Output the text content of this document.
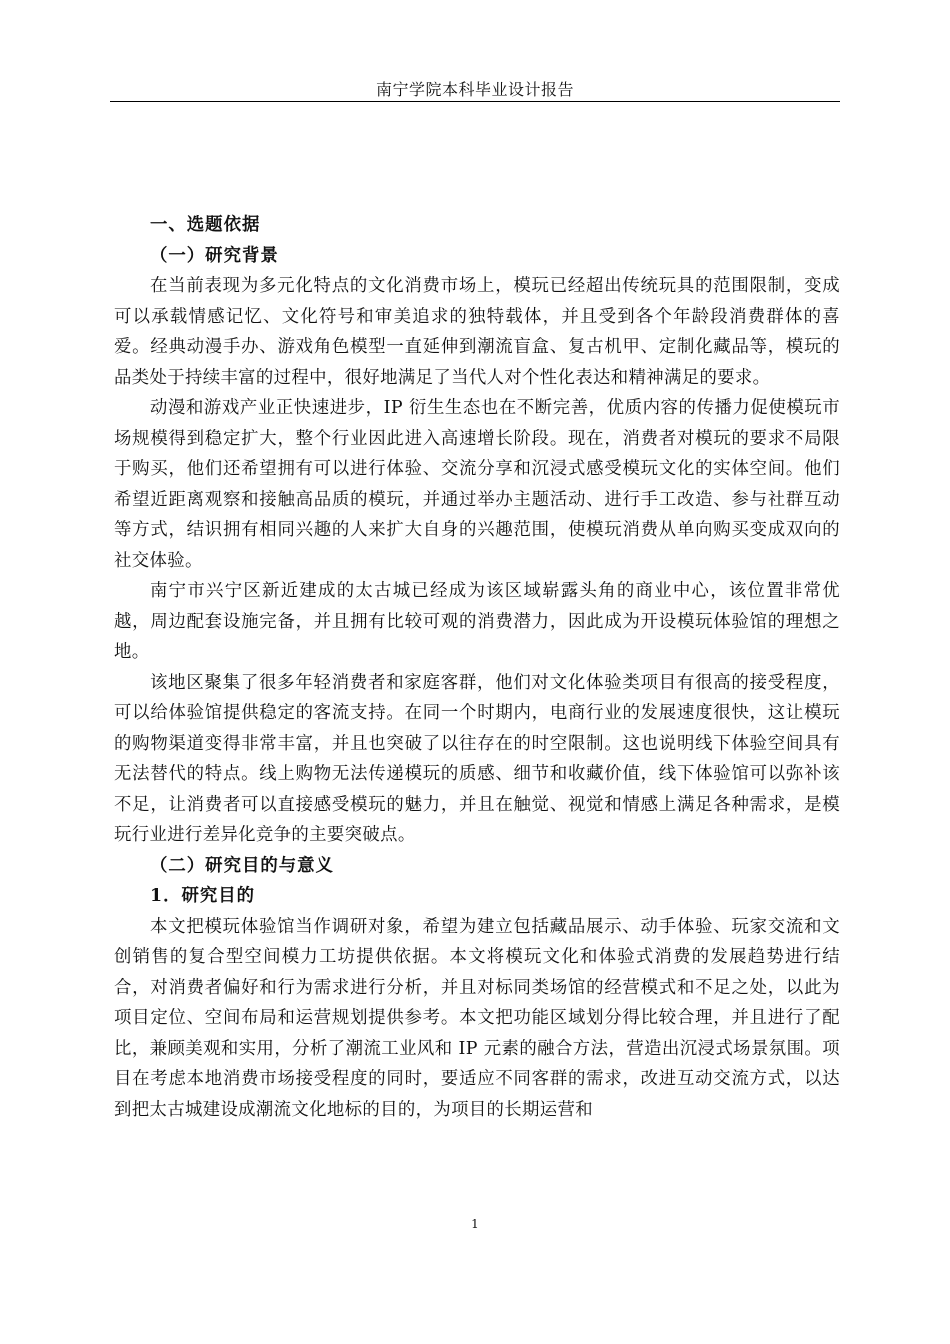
南宁学院本科毕业设计报告

一、选题依据

（一）研究背景

在当前表现为多元化特点的文化消费市场上，模玩已经超出传统玩具的范围限制，变成可以承载情感记忆、文化符号和审美追求的独特载体，并且受到各个年龄段消费群体的喜爱。经典动漫手办、游戏角色模型一直延伸到潮流盲盒、复古机甲、定制化藏品等，模玩的品类处于持续丰富的过程中，很好地满足了当代人对个性化表达和精神满足的要求。

动漫和游戏产业正快速进步，IP 衍生生态也在不断完善，优质内容的传播力促使模玩市场规模得到稳定扩大，整个行业因此进入高速增长阶段。现在，消费者对模玩的要求不局限于购买，他们还希望拥有可以进行体验、交流分享和沉浸式感受模玩文化的实体空间。他们希望近距离观察和接触高品质的模玩，并通过举办主题活动、进行手工改造、参与社群互动等方式，结识拥有相同兴趣的人来扩大自身的兴趣范围，使模玩消费从单向购买变成双向的社交体验。

南宁市兴宁区新近建成的太古城已经成为该区域崭露头角的商业中心，该位置非常优越，周边配套设施完备，并且拥有比较可观的消费潜力，因此成为开设模玩体验馆的理想之地。

该地区聚集了很多年轻消费者和家庭客群，他们对文化体验类项目有很高的接受程度，可以给体验馆提供稳定的客流支持。在同一个时期内，电商行业的发展速度很快，这让模玩的购物渠道变得非常丰富，并且也突破了以往存在的时空限制。这也说明线下体验空间具有无法替代的特点。线上购物无法传递模玩的质感、细节和收藏价值，线下体验馆可以弥补该不足，让消费者可以直接感受模玩的魅力，并且在触觉、视觉和情感上满足各种需求，是模玩行业进行差异化竞争的主要突破点。

（二）研究目的与意义

1．研究目的

本文把模玩体验馆当作调研对象，希望为建立包括藏品展示、动手体验、玩家交流和文创销售的复合型空间模力工坊提供依据。本文将模玩文化和体验式消费的发展趋势进行结合，对消费者偏好和行为需求进行分析，并且对标同类场馆的经营模式和不足之处，以此为项目定位、空间布局和运营规划提供参考。本文把功能区域划分得比较合理，并且进行了配比，兼顾美观和实用，分析了潮流工业风和 IP 元素的融合方法，营造出沉浸式场景氛围。项目在考虑本地消费市场接受程度的同时，要适应不同客群的需求，改进互动交流方式，以达到把太古城建设成潮流文化地标的目的，为项目的长期运营和

1
